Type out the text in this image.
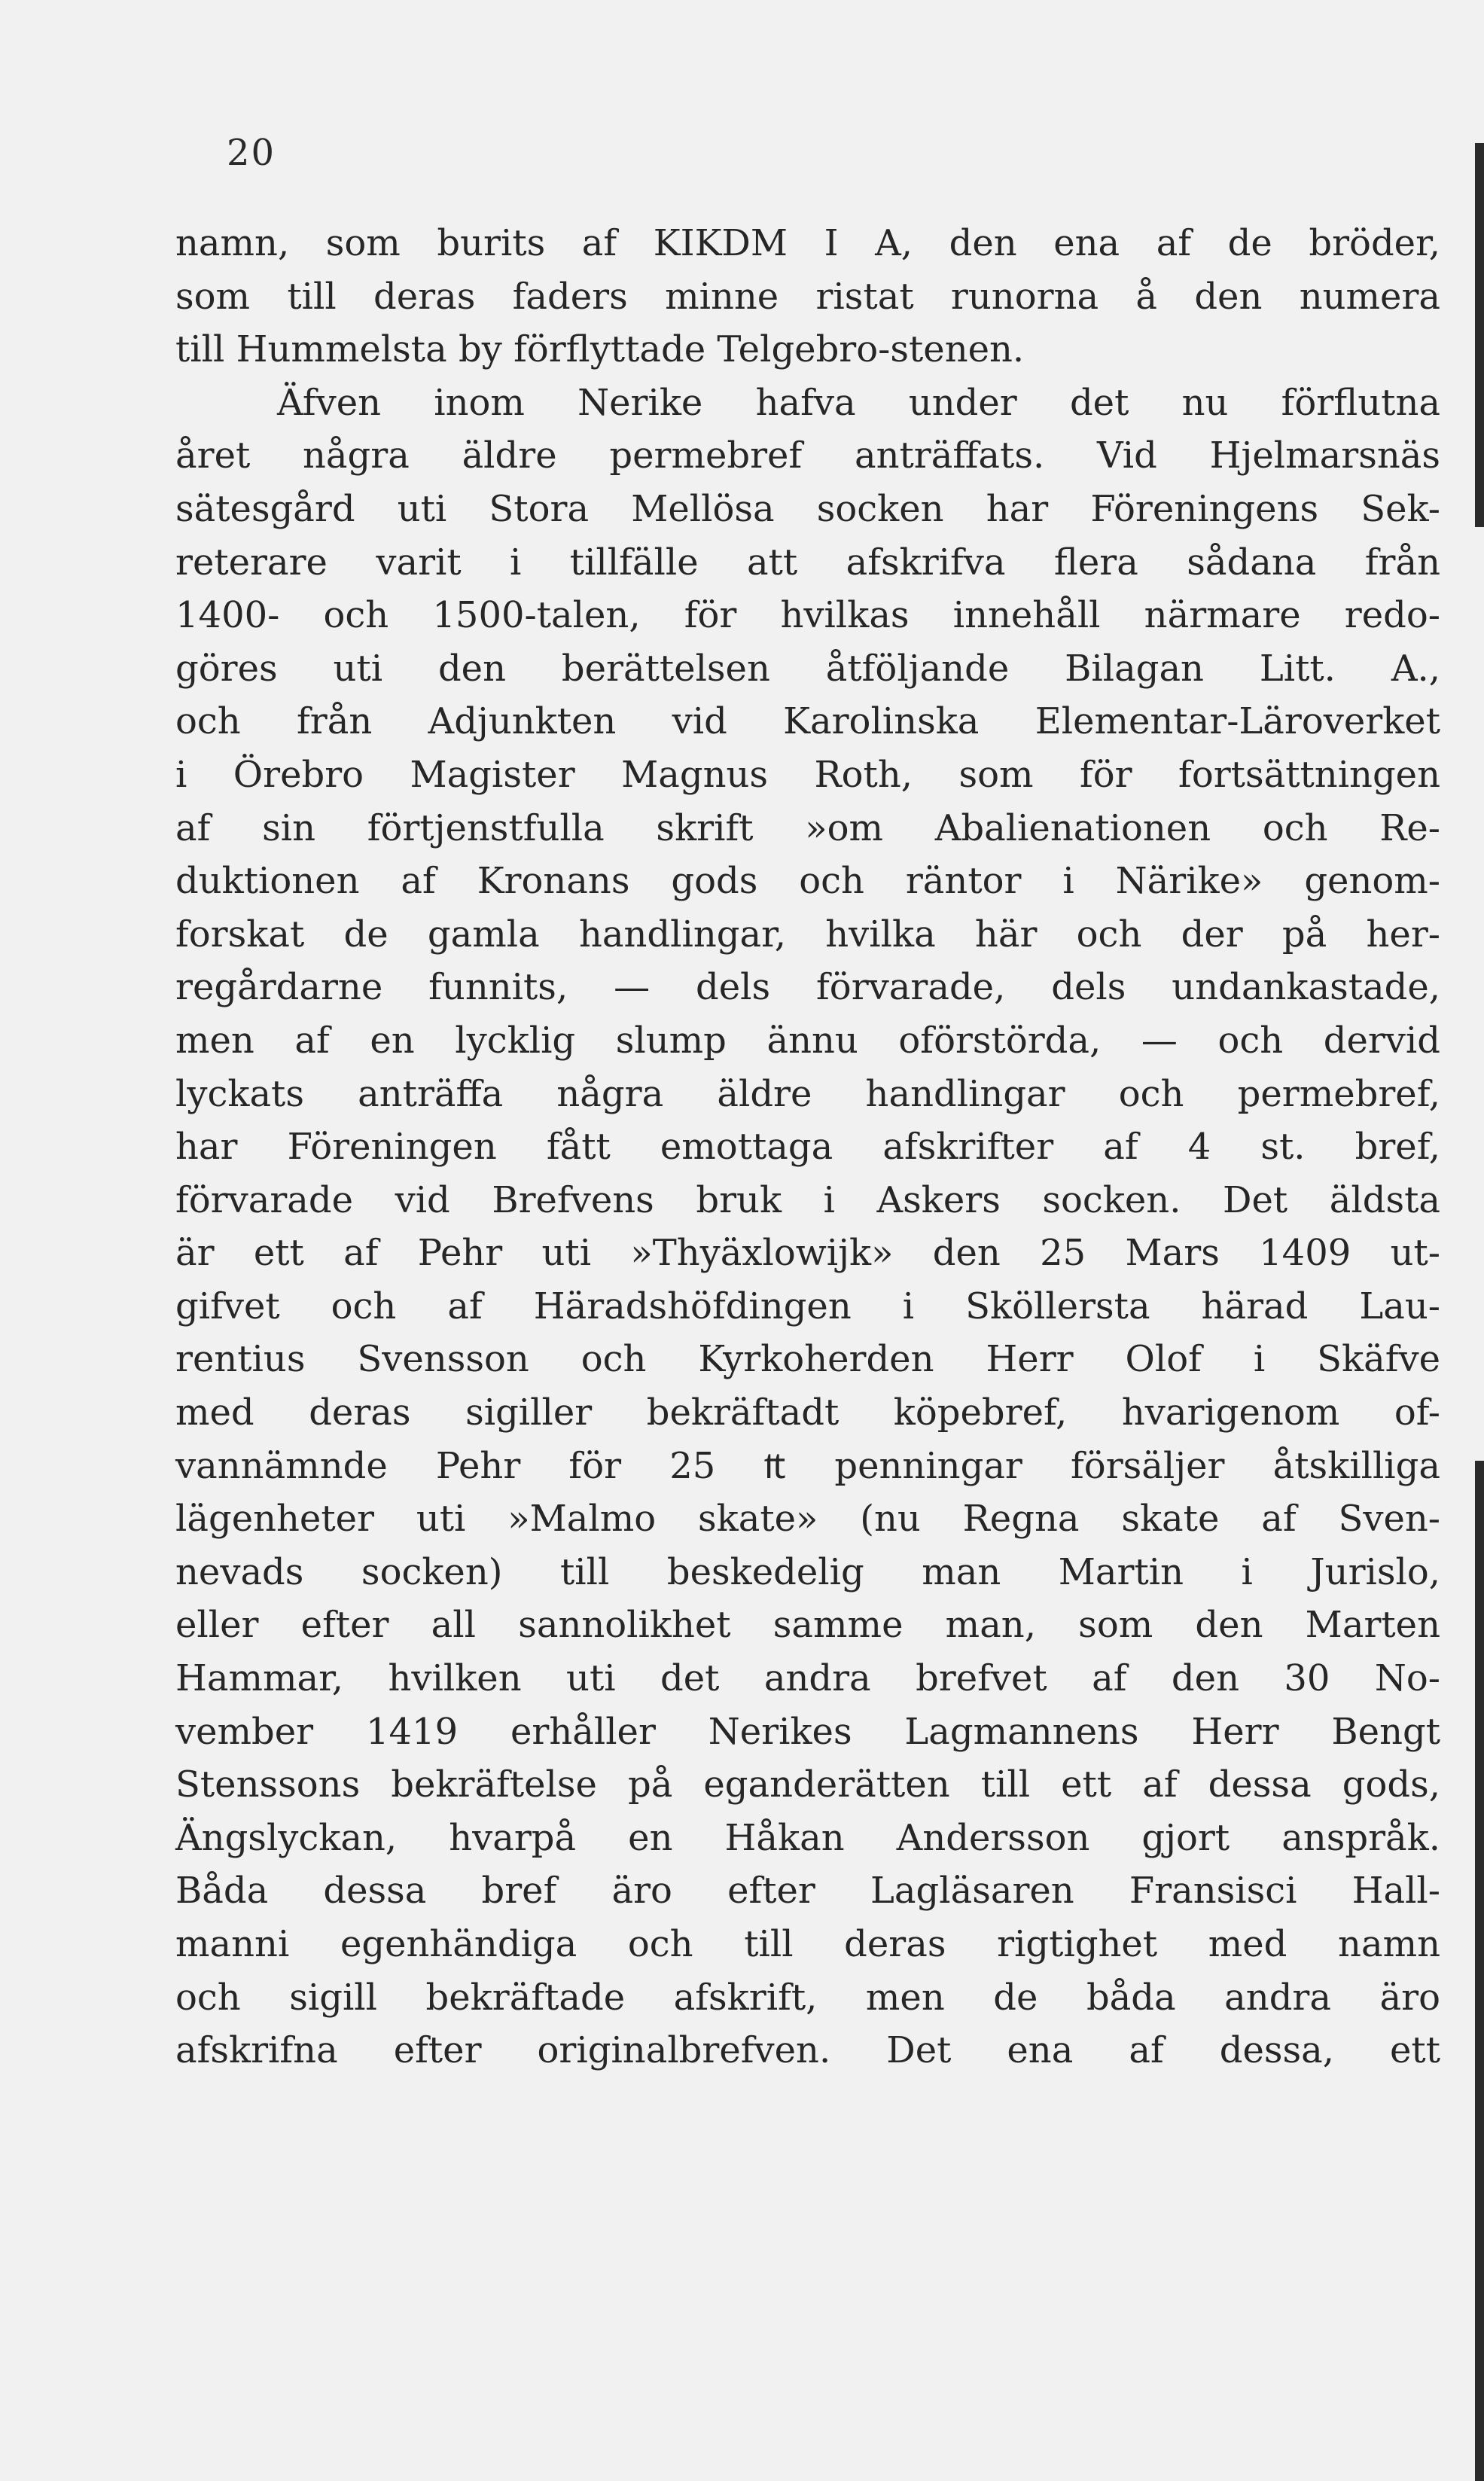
20
namn, som burits af KIKDM I A, den ena af de bröder,
som till deras faders minne ristat runorna å den numera
till Hummelsta by förflyttade Telgebro-stenen.
Äfven inom Nerike hafva under det nu förflutna
året några äldre permebref anträffats. Vid Hjelmarsnäs
sätesgård uti Stora Mellösa socken har Föreningens Sek-
reterare varit i tillfälle att afskrifva flera sådana från
1400- och 1500-talen, för hvilkas innehåll närmare redo-
göres uti den berättelsen åtföljande Bilagan Litt. A.,
och från Adjunkten vid Karolinska Elementar-Läroverket
i Örebro Magister Magnus Roth, som för fortsättningen
af sin förtjenstfulla skrift »om Abalienationen och Re-
duktionen af Kronans gods och räntor i Närike» genom-
forskat de gamla handlingar, hvilka här och der på her-
regårdarne funnits, — dels förvarade, dels undankastade,
men af en lycklig slump ännu oförstörda, — och dervid
lyckats anträffa några äldre handlingar och permebref,
har Föreningen fått emottaga afskrifter af 4 st. bref,
förvarade vid Brefvens bruk i Askers socken. Det äldsta
är ett af Pehr uti »Thyäxlowijk» den 25 Mars 1409 ut-
gifvet och af Häradshöfdingen i Sköllersta härad Lau-
rentius Svensson och Kyrkoherden Herr Olof i Skäfve
med deras sigiller bekräftadt köpebref, hvarigenom of-
vannämnde Pehr för 25 ₶ penningar försäljer åtskilliga
lägenheter uti »Malmo skate» (nu Regna skate af Sven-
nevads socken) till beskedelig man Martin i Jurislo,
eller efter all sannolikhet samme man, som den Marten
Hammar, hvilken uti det andra brefvet af den 30 No-
vember 1419 erhåller Nerikes Lagmannens Herr Bengt
Stenssons bekräftelse på eganderätten till ett af dessa gods,
Ängslyckan, hvarpå en Håkan Andersson gjort anspråk.
Båda dessa bref äro efter Lagläsaren Fransisci Hall-
manni egenhändiga och till deras rigtighet med namn
och sigill bekräftade afskrift, men de båda andra äro
afskrifna efter originalbrefven. Det ena af dessa, ett
